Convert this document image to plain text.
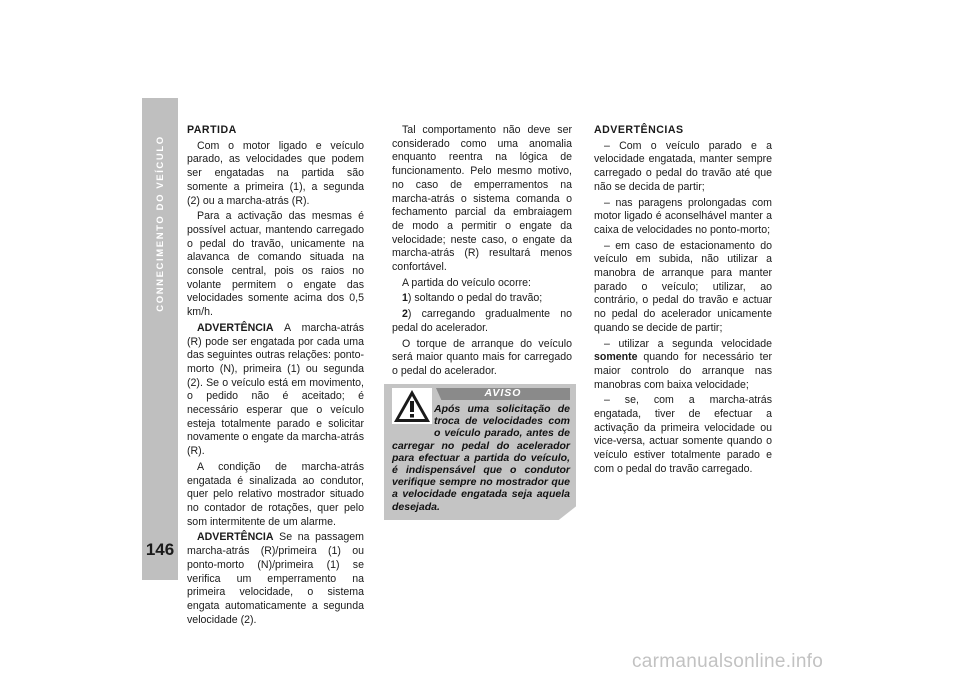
CONNECIMENTO DO VEÍCULO
146

PARTIDA

Com o motor ligado e veículo parado, as velocidades que podem ser engatadas na partida são somente a primeira (1), a segunda (2) ou a marcha-atrás (R).

Para a activação das mesmas é possível actuar, mantendo carregado o pedal do travão, unicamente na alavanca de comando situada na console central, pois os raios no volante permitem o engate das velocidades somente acima dos 0,5 km/h.

ADVERTÊNCIA A marcha-atrás (R) pode ser engatada por cada uma das seguintes outras relações: ponto-morto (N), primeira (1) ou segunda (2). Se o veículo está em movimento, o pedido não é aceitado; é necessário esperar que o veículo esteja totalmente parado e solicitar novamente o engate da marcha-atrás (R).

A condição de marcha-atrás engatada é sinalizada ao condutor, quer pelo relativo mostrador situado no contador de rotações, quer pelo som intermitente de um alarme.

ADVERTÊNCIA Se na passagem marcha-atrás (R)/primeira (1) ou ponto-morto (N)/primeira (1) se verifica um emperramento na primeira velocidade, o sistema engata automaticamente a segunda velocidade (2).

Tal comportamento não deve ser considerado como uma anomalia enquanto reentra na lógica de funcionamento. Pelo mesmo motivo, no caso de emperramentos na marcha-atrás o sistema comanda o fechamento parcial da embraiagem de modo a permitir o engate da velocidade; neste caso, o engate da marcha-atrás (R) resultará menos confortável.

A partida do veículo ocorre:

1) soltando o pedal do travão;

2) carregando gradualmente no pedal do acelerador.

O torque de arranque do veículo será maior quanto mais for carregado o pedal do acelerador.

AVISO
Após uma solicitação de troca de velocidades com o veículo parado, antes de carregar no pedal do acelerador para efectuar a partida do veículo, é indispensável que o condutor verifique sempre no mostrador que a velocidade engatada seja aquela desejada.

ADVERTÊNCIAS

– Com o veículo parado e a velocidade engatada, manter sempre carregado o pedal do travão até que não se decida de partir;

– nas paragens prolongadas com motor ligado é aconselhável manter a caixa de velocidades no ponto-morto;

– em caso de estacionamento do veículo em subida, não utilizar a manobra de arranque para manter parado o veículo; utilizar, ao contrário, o pedal do travão e actuar no pedal do acelerador unicamente quando se decide de partir;

– utilizar a segunda velocidade somente quando for necessário ter maior controlo do arranque nas manobras com baixa velocidade;

– se, com a marcha-atrás engatada, tiver de efectuar a activação da primeira velocidade ou vice-versa, actuar somente quando o veículo estiver totalmente parado e com o pedal do travão carregado.

carmanualsonline.info
